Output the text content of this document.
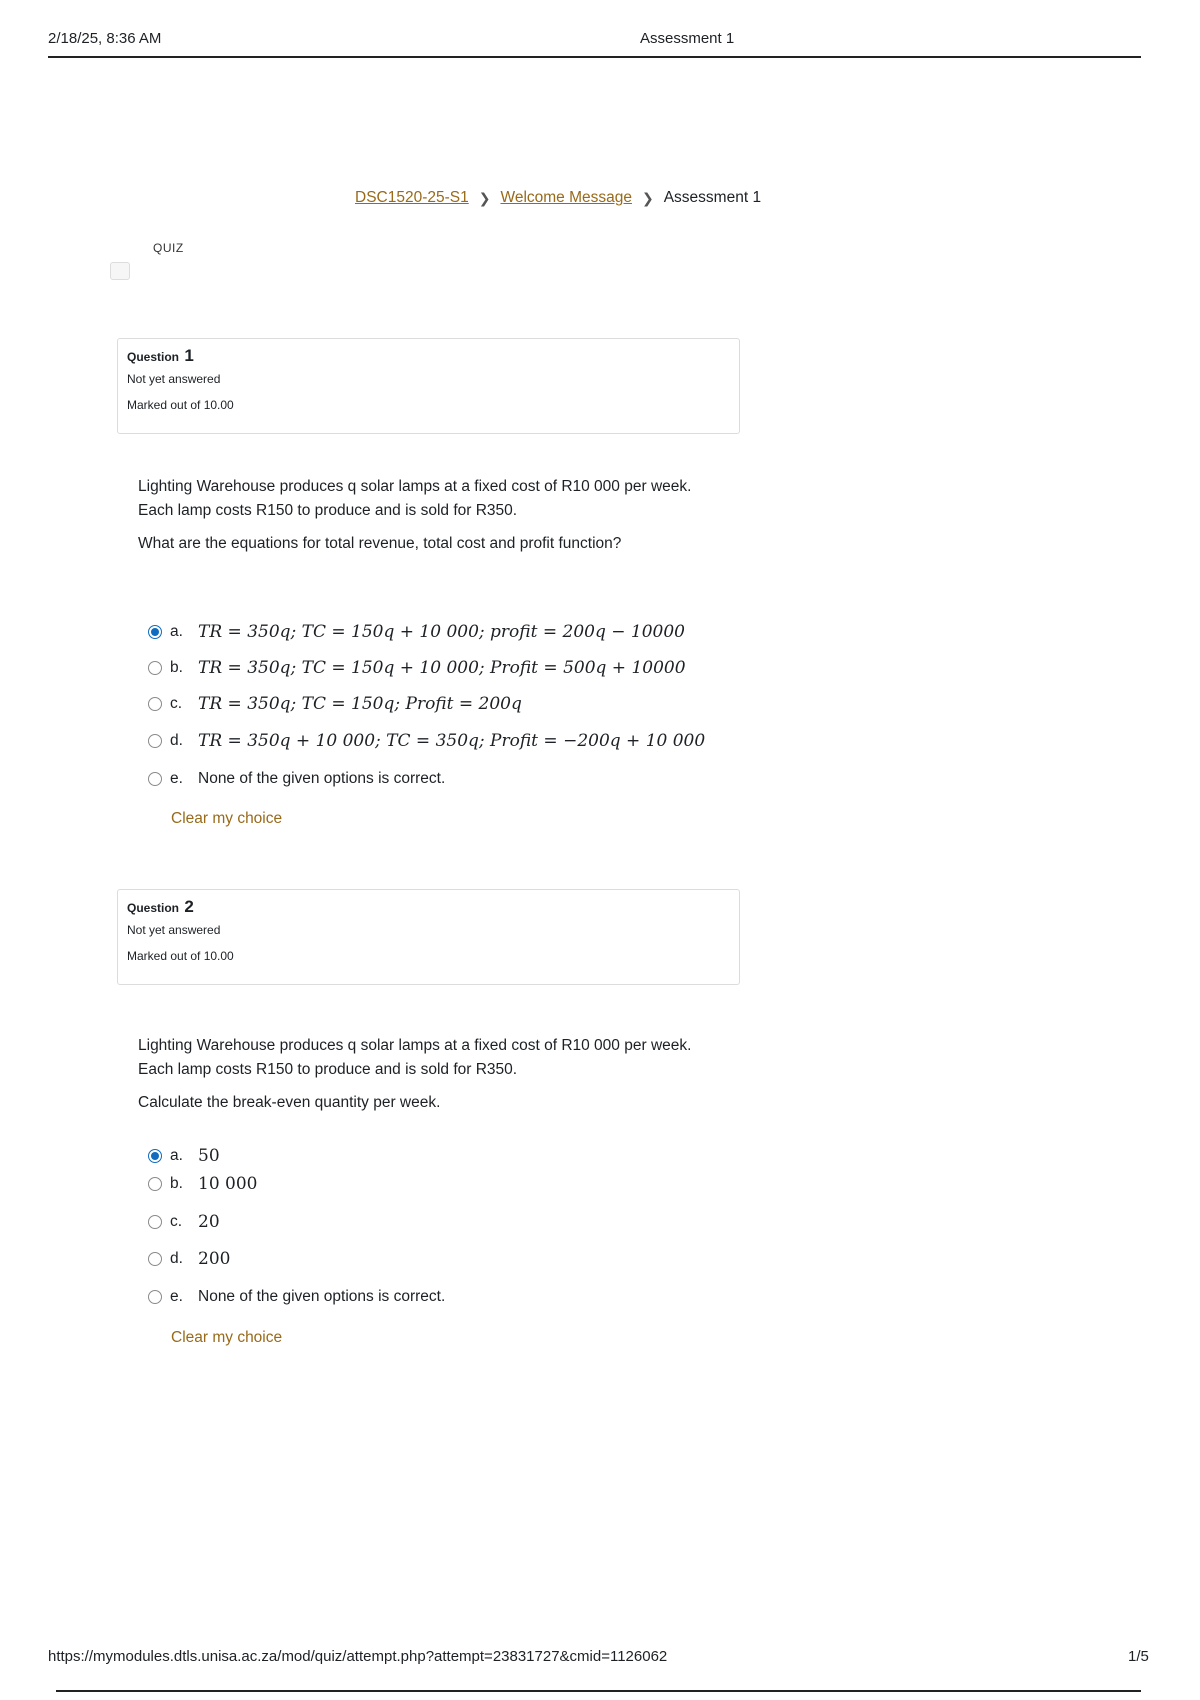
2/18/25, 8:36 AM	Assessment 1
DSC1520-25-S1 ❯ Welcome Message ❯ Assessment 1
QUIZ
Question 1
Not yet answered
Marked out of 10.00

Lighting Warehouse produces q solar lamps at a fixed cost of R10 000 per week. Each lamp costs R150 to produce and is sold for R350.

What are the equations for total revenue, total cost and profit function?

a. TR = 350q; TC = 150q + 10 000; profit = 200q − 10000
b. TR = 350q; TC = 150q + 10 000; Profit = 500q + 10000
c. TR = 350q; TC = 150q; Profit = 200q
d. TR = 350q + 10 000; TC = 350q; Profit = −200q + 10 000
e. None of the given options is correct.
Clear my choice
Question 2
Not yet answered
Marked out of 10.00

Lighting Warehouse produces q solar lamps at a fixed cost of R10 000 per week. Each lamp costs R150 to produce and is sold for R350.

Calculate the break-even quantity per week.

a. 50
b. 10 000
c. 20
d. 200
e. None of the given options is correct.
Clear my choice
https://mymodules.dtls.unisa.ac.za/mod/quiz/attempt.php?attempt=23831727&cmid=1126062	1/5
